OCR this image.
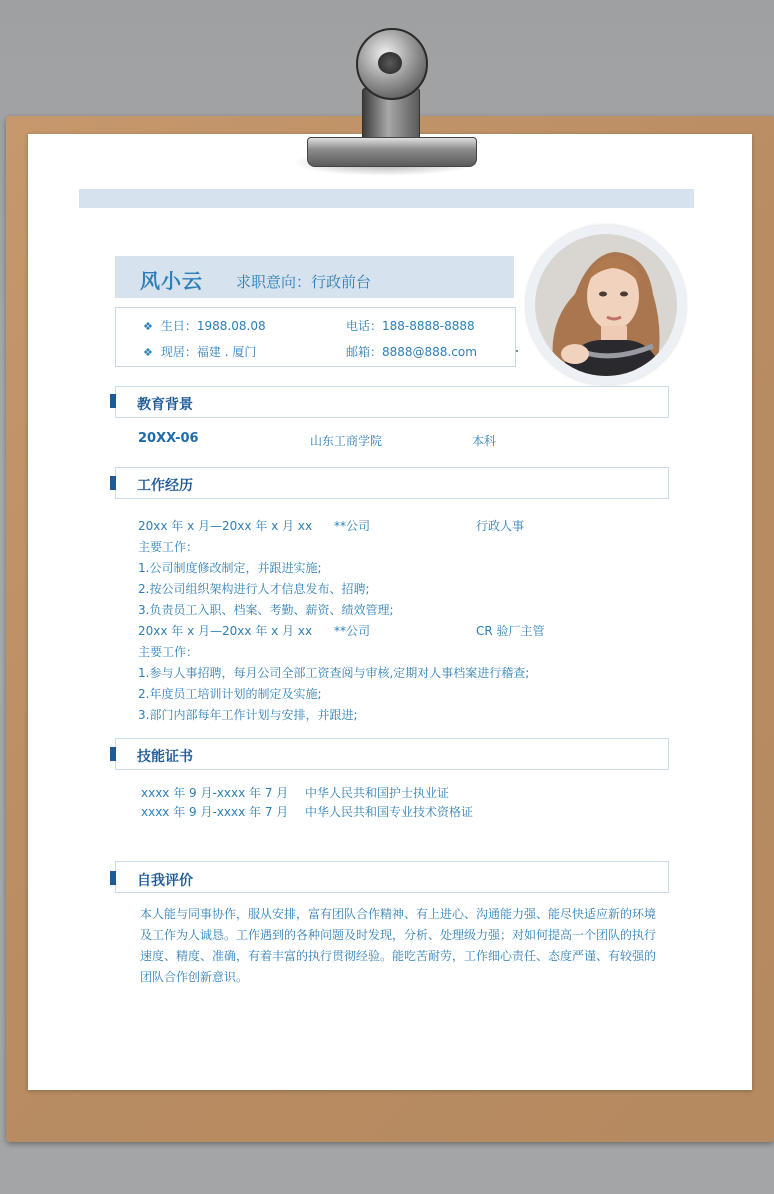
风小云 求职意向：行政前台
❖ 生日：1988.08.08	电话：188-8888-8888
❖ 现居：福建 . 厦门	邮箱：8888@888.com
教育背景
20XX-06	山东工商学院	本科
工作经历
20xx 年 x 月—20xx 年 x 月 xx **公司	行政人事
主要工作：
1.公司制度修改制定，并跟进实施;
2.按公司组织架构进行人才信息发布、招聘;
3.负责员工入职、档案、考勤、薪资、绩效管理;
20xx 年 x 月—20xx 年 x 月 xx **公司	CR 验厂主管
主要工作：
1.参与人事招聘，每月公司全部工资查阅与审核,定期对人事档案进行稽查;
2.年度员工培训计划的制定及实施;
3.部门内部每年工作计划与安排，并跟进;
技能证书
xxxx 年 9 月-xxxx 年 7 月 中华人民共和国护士执业证
xxxx 年 9 月-xxxx 年 7 月 中华人民共和国专业技术资格证
自我评价
本人能与同事协作，服从安排，富有团队合作精神、有上进心、沟通能力强、能尽快适应新的环境及工作为人诚恳。工作遇到的各种问题及时发现，分析、处理级力强；对如何提高一个团队的执行速度、精度、准确，有着丰富的执行贯彻经验。能吃苦耐劳，工作细心责任、态度严谨、有较强的团队合作创新意识。
